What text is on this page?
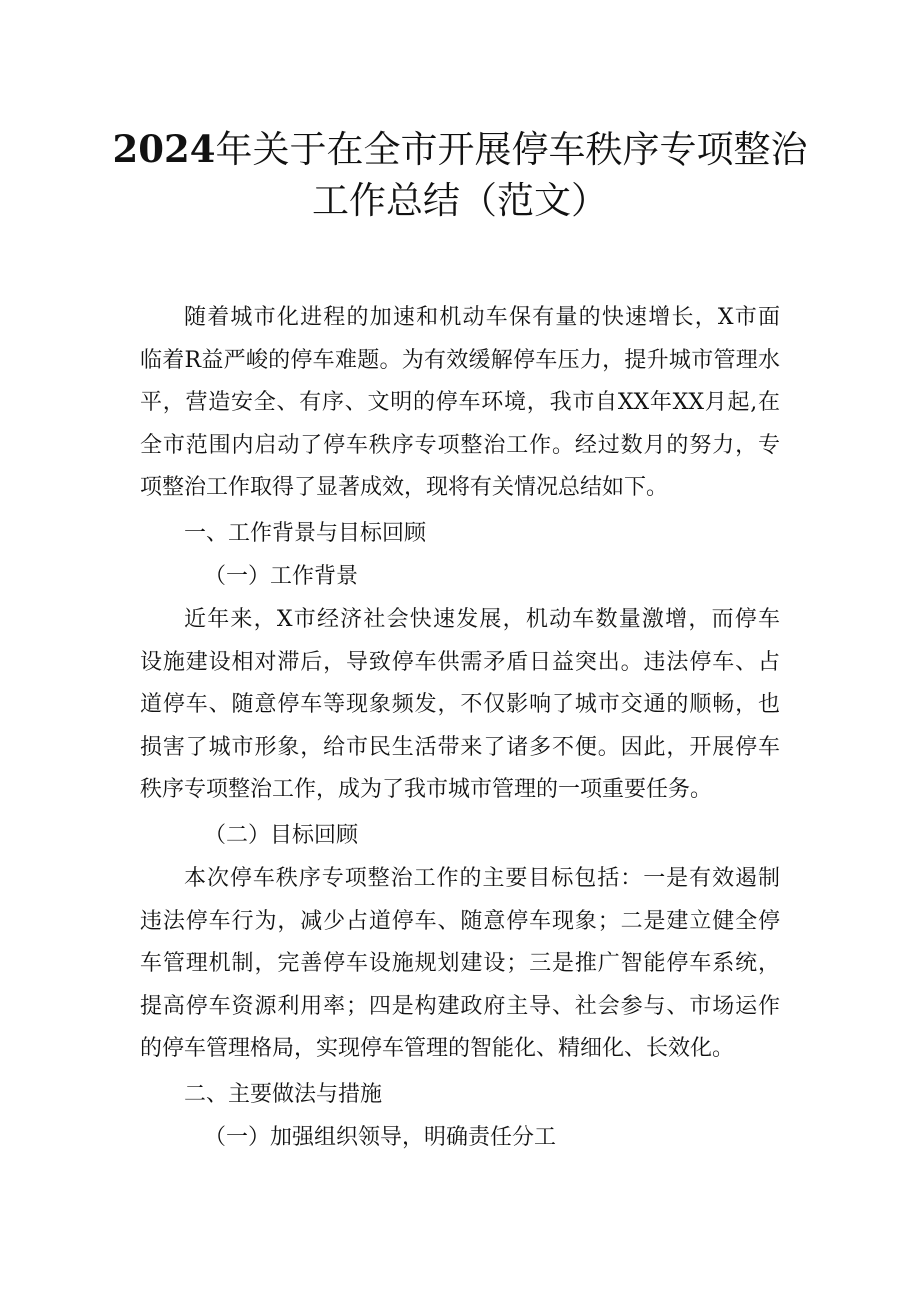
2024年关于在全市开展停车秩序专项整治
工作总结（范文）
随着城市化进程的加速和机动车保有量的快速增长，X市面
临着R益严峻的停车难题。为有效缓解停车压力，提升城市管理水
平，营造安全、有序、文明的停车环境，我市自XX年XX月起,在
全市范围内启动了停车秩序专项整治工作。经过数月的努力，专
项整治工作取得了显著成效，现将有关情况总结如下。
一、工作背景与目标回顾
（一）工作背景
近年来，X市经济社会快速发展，机动车数量激增，而停车
设施建设相对滞后，导致停车供需矛盾日益突出。违法停车、占
道停车、随意停车等现象频发，不仅影响了城市交通的顺畅，也
损害了城市形象，给市民生活带来了诸多不便。因此，开展停车
秩序专项整治工作，成为了我市城市管理的一项重要任务。
（二）目标回顾
本次停车秩序专项整治工作的主要目标包括：一是有效遏制
违法停车行为，减少占道停车、随意停车现象；二是建立健全停
车管理机制，完善停车设施规划建设；三是推广智能停车系统，
提高停车资源利用率；四是构建政府主导、社会参与、市场运作
的停车管理格局，实现停车管理的智能化、精细化、长效化。
二、主要做法与措施
（一）加强组织领导，明确责任分工
